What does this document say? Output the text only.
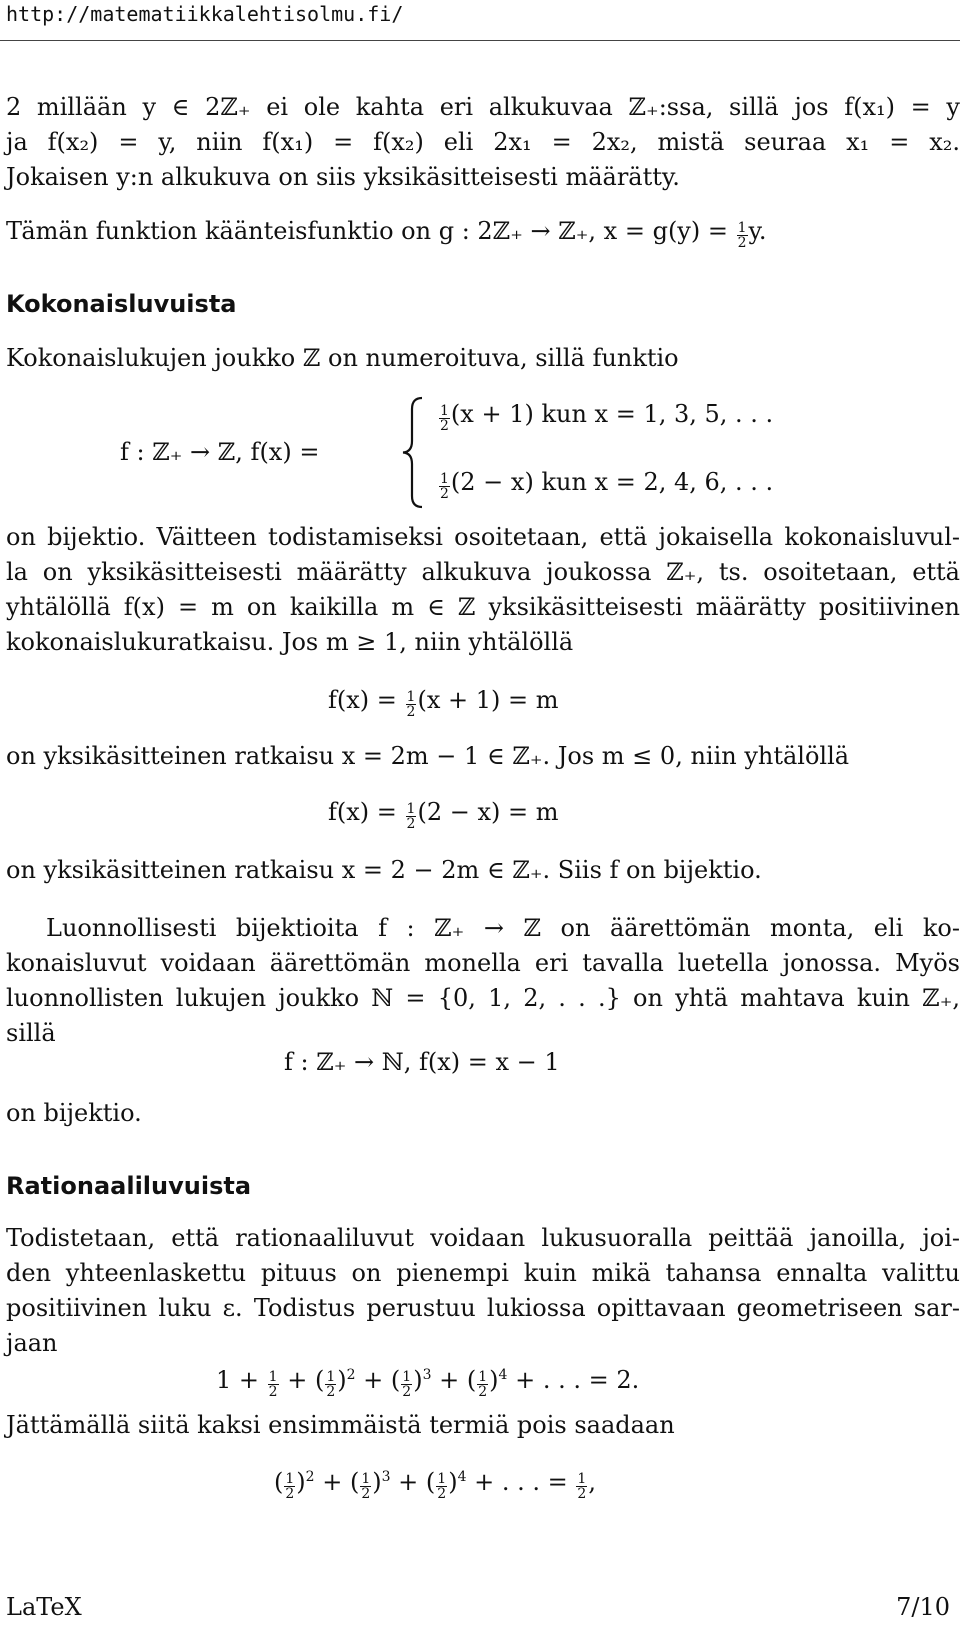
http://matematiikkalehtisolmu.fi/
2 millään y ∈ 2ℤ₊ ei ole kahta eri alkukuvaa ℤ₊:ssa, sillä jos f(x₁) = y
ja f(x₂) = y, niin f(x₁) = f(x₂) eli 2x₁ = 2x₂, mistä seuraa x₁ = x₂.
Jokaisen y:n alkukuva on siis yksikäsitteisesti määrätty.
Tämän funktion käänteisfunktio on g : 2ℤ₊ → ℤ₊, $x = g(y) = \frac{1}{2} y$.
Kokonaisluvuista
Kokonaislukujen joukko ℤ on numeroituva, sillä funktio
f : ℤ₊ → ℤ, f(x) =
$\frac{1}{2} (x + 1)$ kun x = 1, 3, 5, . . .
$\frac{1}{2} (2 - x)$ kun x = 2, 4, 6, . . .
on bijektio. Väitteen todistamiseksi osoitetaan, että jokaisella kokonaisluvul-
la on yksikäsitteisesti määrätty alkukuva joukossa ℤ₊, ts. osoitetaan, että
yhtälöllä f(x) = m on kaikilla m ∈ ℤ yksikäsitteisesti määrätty positiivinen
kokonaislukuratkaisu. Jos m ≥ 1, niin yhtälöllä
$f(x) = \frac{1}{2} (x + 1) = m$
on yksikäsitteinen ratkaisu x = 2m − 1 ∈ ℤ₊. Jos m ≤ 0, niin yhtälöllä
$f(x) = \frac{1}{2} (2 - x) = m$
on yksikäsitteinen ratkaisu x = 2 − 2m ∈ ℤ₊. Siis f on bijektio.
Luonnollisesti bijektioita f : ℤ₊ → ℤ on äärettömän monta, eli ko-
konaisluvut voidaan äärettömän monella eri tavalla luetella jonossa. Myös
luonnollisten lukujen joukko ℕ = {0, 1, 2, . . .} on yhtä mahtava kuin ℤ₊,
sillä
f : ℤ₊ → ℕ, f(x) = x − 1
on bijektio.
Rationaaliluvuista
Todistetaan, että rationaaliluvut voidaan lukusuoralla peittää janoilla, joi-
den yhteenlaskettu pituus on pienempi kuin mikä tahansa ennalta valittu
positiivinen luku ε. Todistus perustuu lukiossa opittavaan geometriseen sar-
jaan
$1 + \frac{1}{2}$ + ( $\frac{1}{2} )^2$ + ( $\frac{1}{2} )^3$ + ( $\frac{1}{2} )^4$ + . . . = 2.
Jättämällä siitä kaksi ensimmäistä termiä pois saadaan
( $\frac{1}{2} )^2$ + ( $\frac{1}{2} )^3$ + ( $\frac{1}{2} )^4$ + . . . = $\frac{1}{2}$ ,
LaTeX	7/10
